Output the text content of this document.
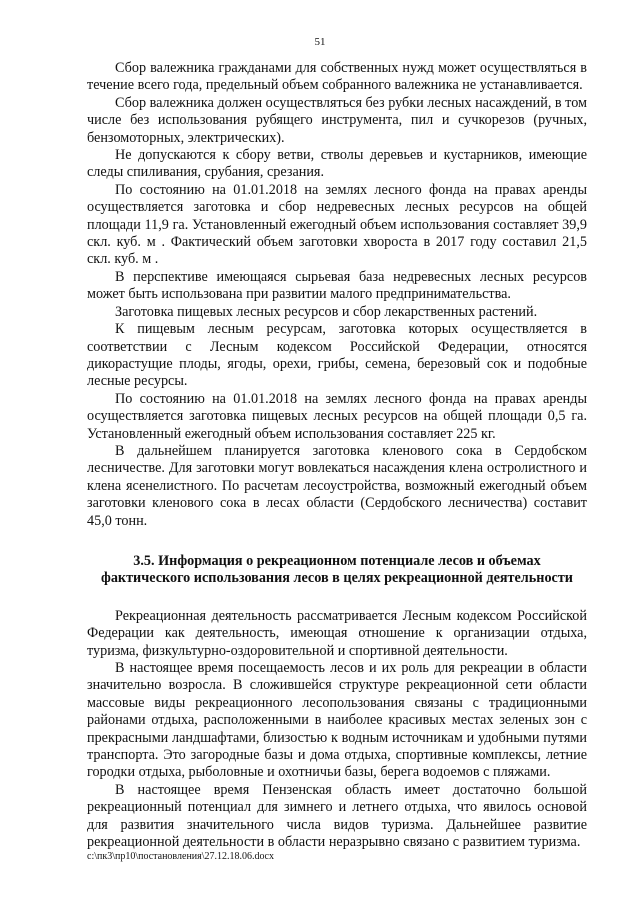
51

Сбор валежника гражданами для собственных нужд может осуществляться в течение всего года, предельный объем собранного валежника не устанавливается.

Сбор валежника должен осуществляться без рубки лесных насаждений, в том числе без использования рубящего инструмента, пил и сучкорезов (ручных, бензомоторных, электрических).

Не допускаются к сбору ветви, стволы деревьев и кустарников, имеющие следы спиливания, срубания, срезания.

По состоянию на 01.01.2018 на землях лесного фонда на правах аренды осуществляется заготовка и сбор недревесных лесных ресурсов на общей площади 11,9 га. Установленный ежегодный объем использования составляет 39,9 скл. куб. м . Фактический объем заготовки хвороста в 2017 году составил 21,5 скл. куб. м .

В перспективе имеющаяся сырьевая база недревесных лесных ресурсов может быть использована при развитии малого предпринимательства.

Заготовка пищевых лесных ресурсов и сбор лекарственных растений.

К пищевым лесным ресурсам, заготовка которых осуществляется в соответствии с Лесным кодексом Российской Федерации, относятся дикорастущие плоды, ягоды, орехи, грибы, семена, березовый сок и подобные лесные ресурсы.

По состоянию на 01.01.2018 на землях лесного фонда на правах аренды осуществляется заготовка пищевых лесных ресурсов на общей площади 0,5 га. Установленный ежегодный объем использования составляет 225 кг.

В дальнейшем планируется заготовка кленового сока в Сердобском лесничестве. Для заготовки могут вовлекаться насаждения клена остролистного и клена ясенелистного. По расчетам лесоустройства, возможный ежегодный объем заготовки кленового сока в лесах области (Сердобского лесничества) составит 45,0 тонн.

3.5. Информация о рекреационном потенциале лесов и объемах фактического использования лесов в целях рекреационной деятельности

Рекреационная деятельность рассматривается Лесным кодексом Российской Федерации как деятельность, имеющая отношение к организации отдыха, туризма, физкультурно-оздоровительной и спортивной деятельности.

В настоящее время посещаемость лесов и их роль для рекреации в области значительно возросла. В сложившейся структуре рекреационной сети области массовые виды рекреационного лесопользования связаны с традиционными районами отдыха, расположенными в наиболее красивых местах зеленых зон с прекрасными ландшафтами, близостью к водным источникам и удобными путями транспорта. Это загородные базы и дома отдыха, спортивные комплексы, летние городки отдыха, рыболовные и охотничьи базы, берега водоемов с пляжами.

В настоящее время Пензенская область имеет достаточно большой рекреационный потенциал для зимнего и летнего отдыха, что явилось основой для развития значительного числа видов туризма. Дальнейшее развитие рекреационной деятельности в области неразрывно связано с развитием туризма.

c:\пк3\пр10\постановления\27.12.18.06.docx
